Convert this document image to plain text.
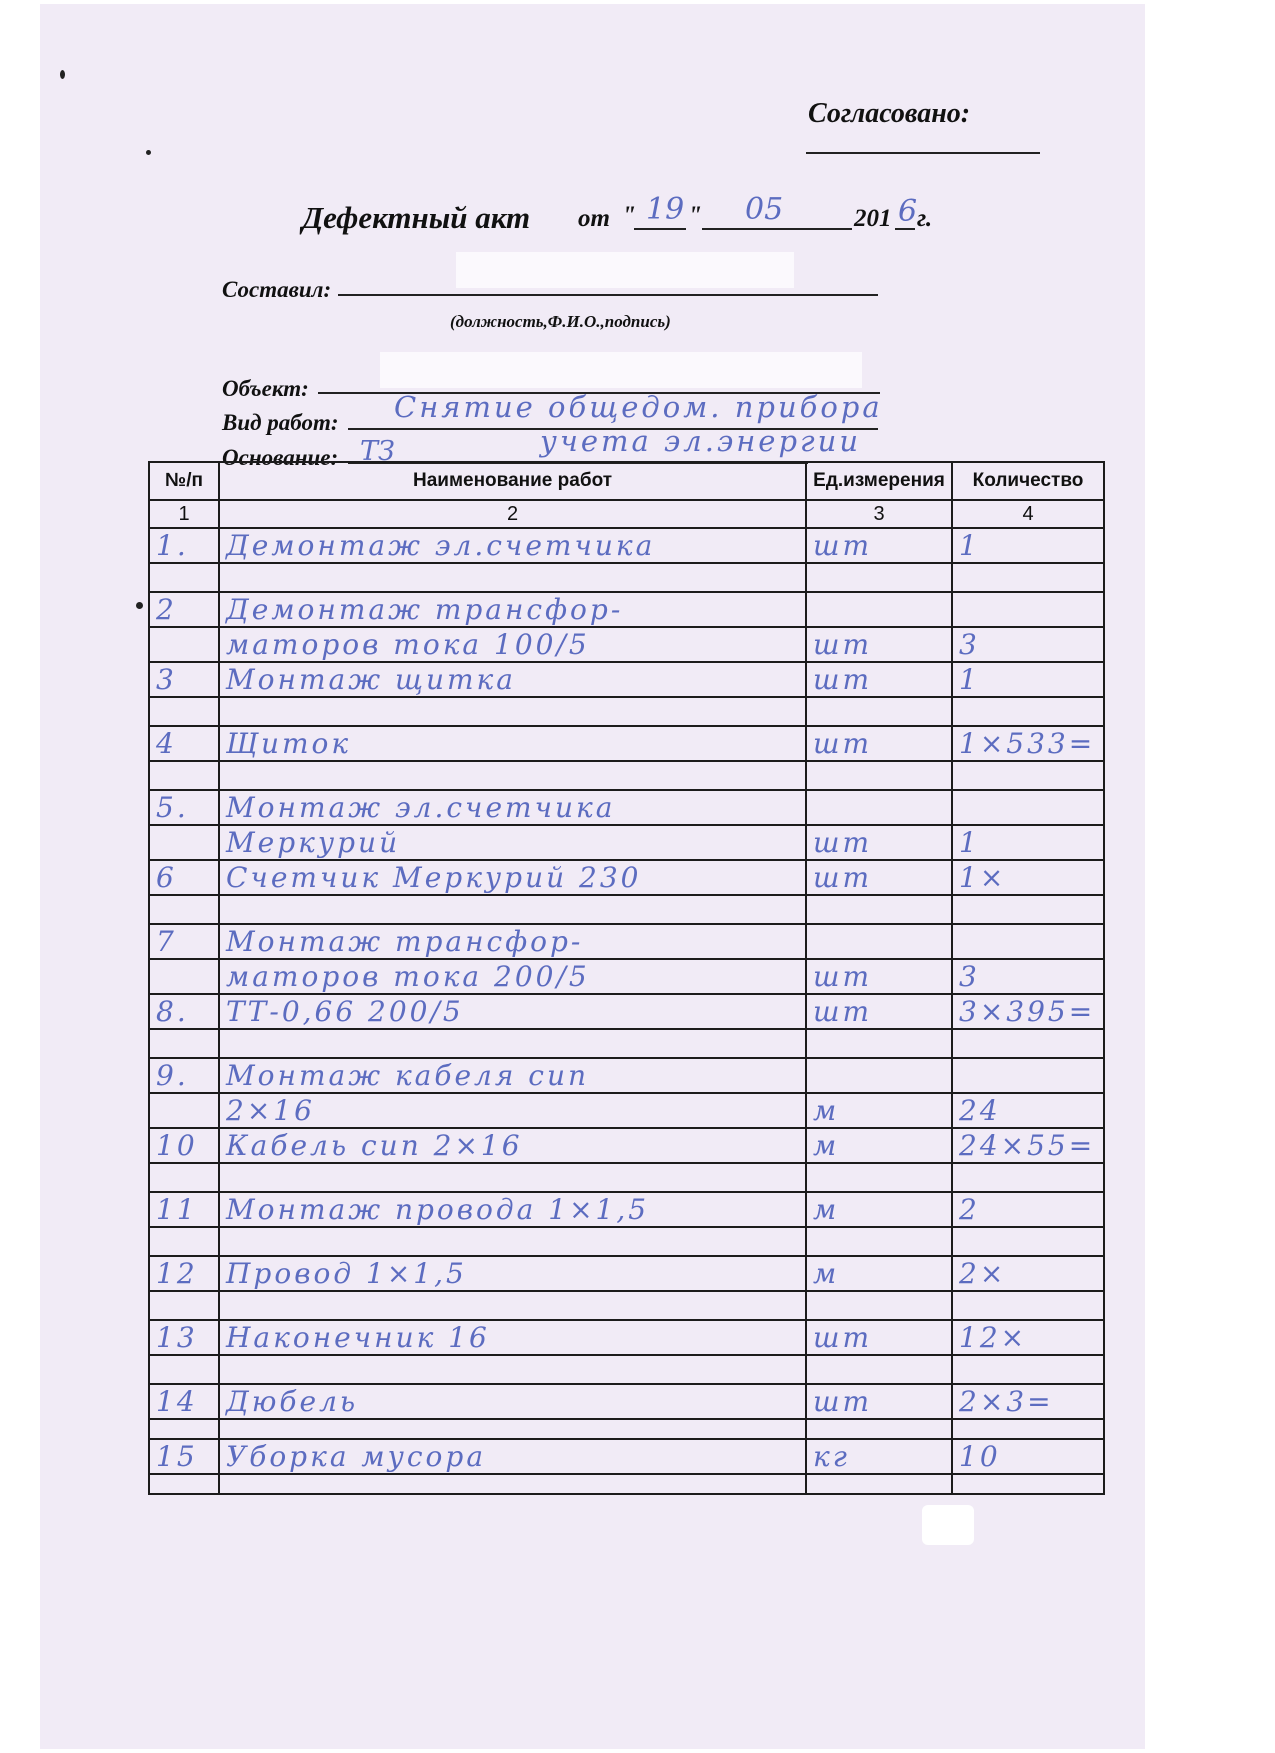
Согласовано:
Дефектный акт от " 19 " 05	201 6 г.
Составил:
(должность,Ф.И.О.,подпись)
Объект:
Вид работ: Снятие общедом. прибора
Основание: ТЗ	учета эл.энергии
№/п	Наименование работ	Ед.измерения	Количество
1	2	3	4
1.	Демонтаж эл.счетчика	шт	1

2	Демонтаж трансфор-		
	маторов тока 100/5	шт	3
3	Монтаж щитка	шт	1

4	Щиток	шт	1×533=

5.	Монтаж эл.счетчика		
	Меркурий	шт	1
6	Счетчик Меркурий 230	шт	1×

7	Монтаж трансфор-		
	маторов тока 200/5	шт	3
8.	ТТ-0,66 200/5	шт	3×395=

9.	Монтаж кабеля сип		
	2×16	м	24
10	Кабель сип 2×16	м	24×55=

11	Монтаж провода 1×1,5	м	2

12	Провод 1×1,5	м	2×

13	Наконечник 16	шт	12×

14	Дюбель	шт	2×3=

15	Уборка мусора	кг	10
